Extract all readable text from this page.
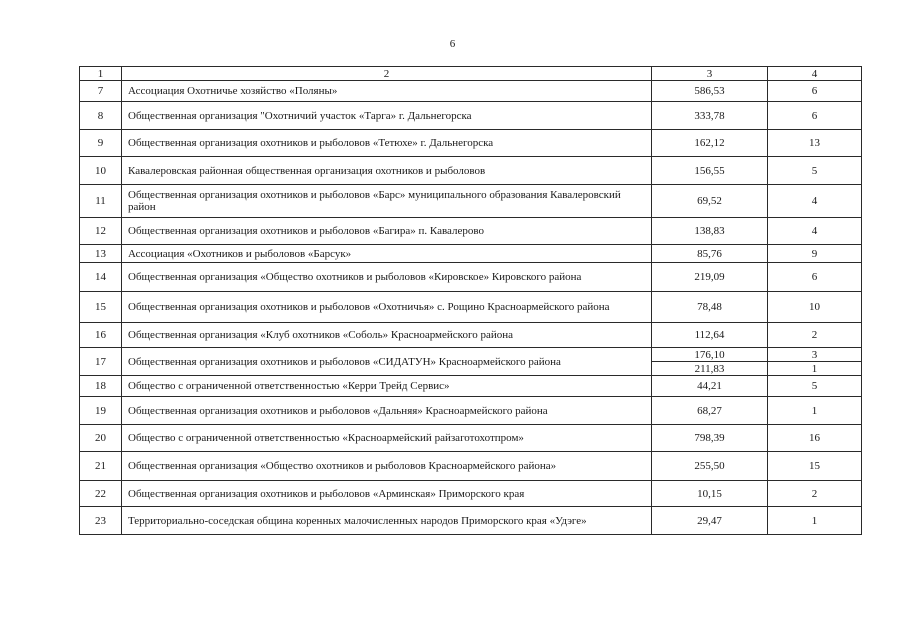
6
1	2	3	4
7	Ассоциация Охотничье хозяйство «Поляны»	586,53	6
8	Общественная организация "Охотничий участок «Тарга» г. Дальнегорска	333,78	6
9	Общественная организация охотников и рыболовов «Тетюхе» г. Дальнегорска	162,12	13
10	Кавалеровская районная общественная организация охотников и рыболовов	156,55	5
11	Общественная организация охотников и рыболовов «Барс» муниципального образования Кавалеровский район	69,52	4
12	Общественная организация охотников и рыболовов «Багира» п. Кавалерово	138,83	4
13	Ассоциация «Охотников и рыболовов «Барсук»	85,76	9
14	Общественная организация «Общество охотников и рыболовов «Кировское» Кировского района	219,09	6
15	Общественная организация охотников и рыболовов «Охотничья» с. Рощино Красноармейского района	78,48	10
16	Общественная организация «Клуб охотников «Соболь» Красноармейского района	112,64	2
17	Общественная организация охотников и рыболовов «СИДАТУН» Красноармейского района	176,10	3
		211,83	1
18	Общество с ограниченной ответственностью «Керри Трейд Сервис»	44,21	5
19	Общественная организация охотников и рыболовов «Дальняя» Красноармейского района	68,27	1
20	Общество с ограниченной ответственностью «Красноармейский райзаготохотпром»	798,39	16
21	Общественная организация «Общество охотников и рыболовов Красноармейского района»	255,50	15
22	Общественная организация охотников и рыболовов «Арминская» Приморского края	10,15	2
23	Территориально-соседская община коренных малочисленных народов Приморского края «Удэге»	29,47	1
